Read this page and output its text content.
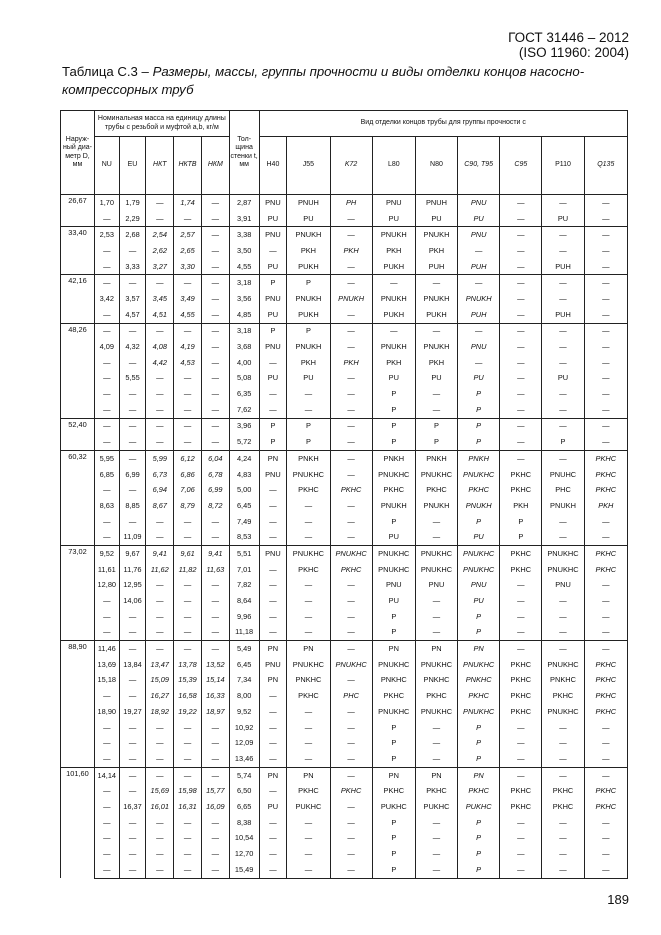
ГОСТ 31446 – 2012
(ISO 11960: 2004)
Таблица С.3 – Размеры, массы, группы прочности и виды отделки концов насосно-компрессорных труб
Наруж-ный диа-метр D, мм	Номинальная масса на единицу длины трубы с резьбой и муфтой a,b, кг/м					Тол-щина стенки t, мм	Вид отделки концов трубы для группы прочности c								
	NU	EU	НКТ	НКТВ	НКМ		H40	J55	K72	L80	N80	C90, T95	C95	P110	Q135
26,67	1,70	1,79	—	1,74	—	2,87	PNU	PNUH	PH	PNU	PNUH	PNU	—	—	—
	—	2,29	—	—	—	3,91	PU	PU	—	PU	PU	PU	—	PU	—
33,40	2,53	2,68	2,54	2,57	—	3,38	PNU	PNUKH	—	PNUKH	PNUKH	PNU	—	—	—
	—	—	2,62	2,65	—	3,50	—	PKH	PKH	PKH	PKH	—	—	—	—
	—	3,33	3,27	3,30	—	4,55	PU	PUKH	—	PUKH	PUH	PUH	—	PUH	—
42,16	—	—	—	—	—	3,18	P	P	—	—	—	—	—	—	—
	3,42	3,57	3,45	3,49	—	3,56	PNU	PNUKH	PNUKH	PNUKH	PNUKH	PNUKH	—	—	—
	—	4,57	4,51	4,55	—	4,85	PU	PUKH	—	PUKH	PUKH	PUH	—	PUH	—
48,26	—	—	—	—	—	3,18	P	P	—	—	—	—	—	—	—
	4,09	4,32	4,08	4,19	—	3,68	PNU	PNUKH	—	PNUKH	PNUKH	PNU	—	—	—
	—	—	4,42	4,53	—	4,00	—	PKH	PKH	PKH	PKH	—	—	—	—
	—	5,55	—	—	—	5,08	PU	PU	—	PU	PU	PU	—	PU	—
	—	—	—	—	—	6,35	—	—	—	P	—	P	—	—	—
	—	—	—	—	—	7,62	—	—	—	P	—	P	—	—	—
52,40	—	—	—	—	—	3,96	P	P	—	P	P	P	—	—	—
	—	—	—	—	—	5,72	P	P	—	P	P	P	—	P	—
60,32	5,95	—	5,99	6,12	6,04	4,24	PN	PNKH	—	PNKH	PNKH	PNKH	—	—	PKHC
	6,85	6,99	6,73	6,86	6,78	4,83	PNU	PNUKHC	—	PNUKHC	PNUKHC	PNUKHC	PKHC	PNUHC	PKHC
	—	—	6,94	7,06	6,99	5,00	—	PKHC	PKHC	PKHC	PKHC	PKHC	PKHC	PHC	PKHC
	8,63	8,85	8,67	8,79	8,72	6,45	—	—	—	PNUKH	PNUKH	PNUKH	PKH	PNUKH	PKH
	—	—	—	—	—	7,49	—	—	—	P	—	P	P	—	—
	—	11,09	—	—	—	8,53	—	—	—	PU	—	PU	P	—	—
73,02	9,52	9,67	9,41	9,61	9,41	5,51	PNU	PNUKHC	PNUKHC	PNUKHC	PNUKHC	PNUKHC	PKHC	PNUKHC	PKHC
	11,61	11,76	11,62	11,82	11,63	7,01	—	PKHC	PKHC	PNUKHC	PNUKHC	PNUKHC	PKHC	PNUKHC	PKHC
	12,80	12,95	—	—	—	7,82	—	—	—	PNU	PNU	PNU	—	PNU	—
	—	14,06	—	—	—	8,64	—	—	—	PU	—	PU	—	—	—
	—	—	—	—	—	9,96	—	—	—	P	—	P	—	—	—
	—	—	—	—	—	11,18	—	—	—	P	—	P	—	—	—
88,90	11,46	—	—	—	—	5,49	PN	PN	—	PN	PN	PN	—	—	—
	13,69	13,84	13,47	13,78	13,52	6,45	PNU	PNUKHC	PNUKHC	PNUKHC	PNUKHC	PNUKHC	PKHC	PNUKHC	PKHC
	15,18	—	15,09	15,39	15,14	7,34	PN	PNKHC	—	PNKHC	PNKHC	PNKHC	PKHC	PNKHC	PKHC
	—	—	16,27	16,58	16,33	8,00	—	PKHC	PHC	PKHC	PKHC	PKHC	PKHC	PKHC	PKHC
	18,90	19,27	18,92	19,22	18,97	9,52	—	—	—	PNUKHC	PNUKHC	PNUKHC	PKHC	PNUKHC	PKHC
	—	—	—	—	—	10,92	—	—	—	P	—	P	—	—	—
	—	—	—	—	—	12,09	—	—	—	P	—	P	—	—	—
	—	—	—	—	—	13,46	—	—	—	P	—	P	—	—	—
101,60	14,14	—	—	—	—	5,74	PN	PN	—	PN	PN	PN	—	—	—
	—	—	15,69	15,98	15,77	6,50	—	PKHC	PKHC	PKHC	PKHC	PKHC	PKHC	PKHC	PKHC
	—	16,37	16,01	16,31	16,09	6,65	PU	PUKHC	—	PUKHC	PUKHC	PUKHC	PKHC	PKHC	PKHC
	—	—	—	—	—	8,38	—	—	—	P	—	P	—	—	—
	—	—	—	—	—	10,54	—	—	—	P	—	P	—	—	—
	—	—	—	—	—	12,70	—	—	—	P	—	P	—	—	—
	—	—	—	—	—	15,49	—	—	—	P	—	P	—	—	—
189
